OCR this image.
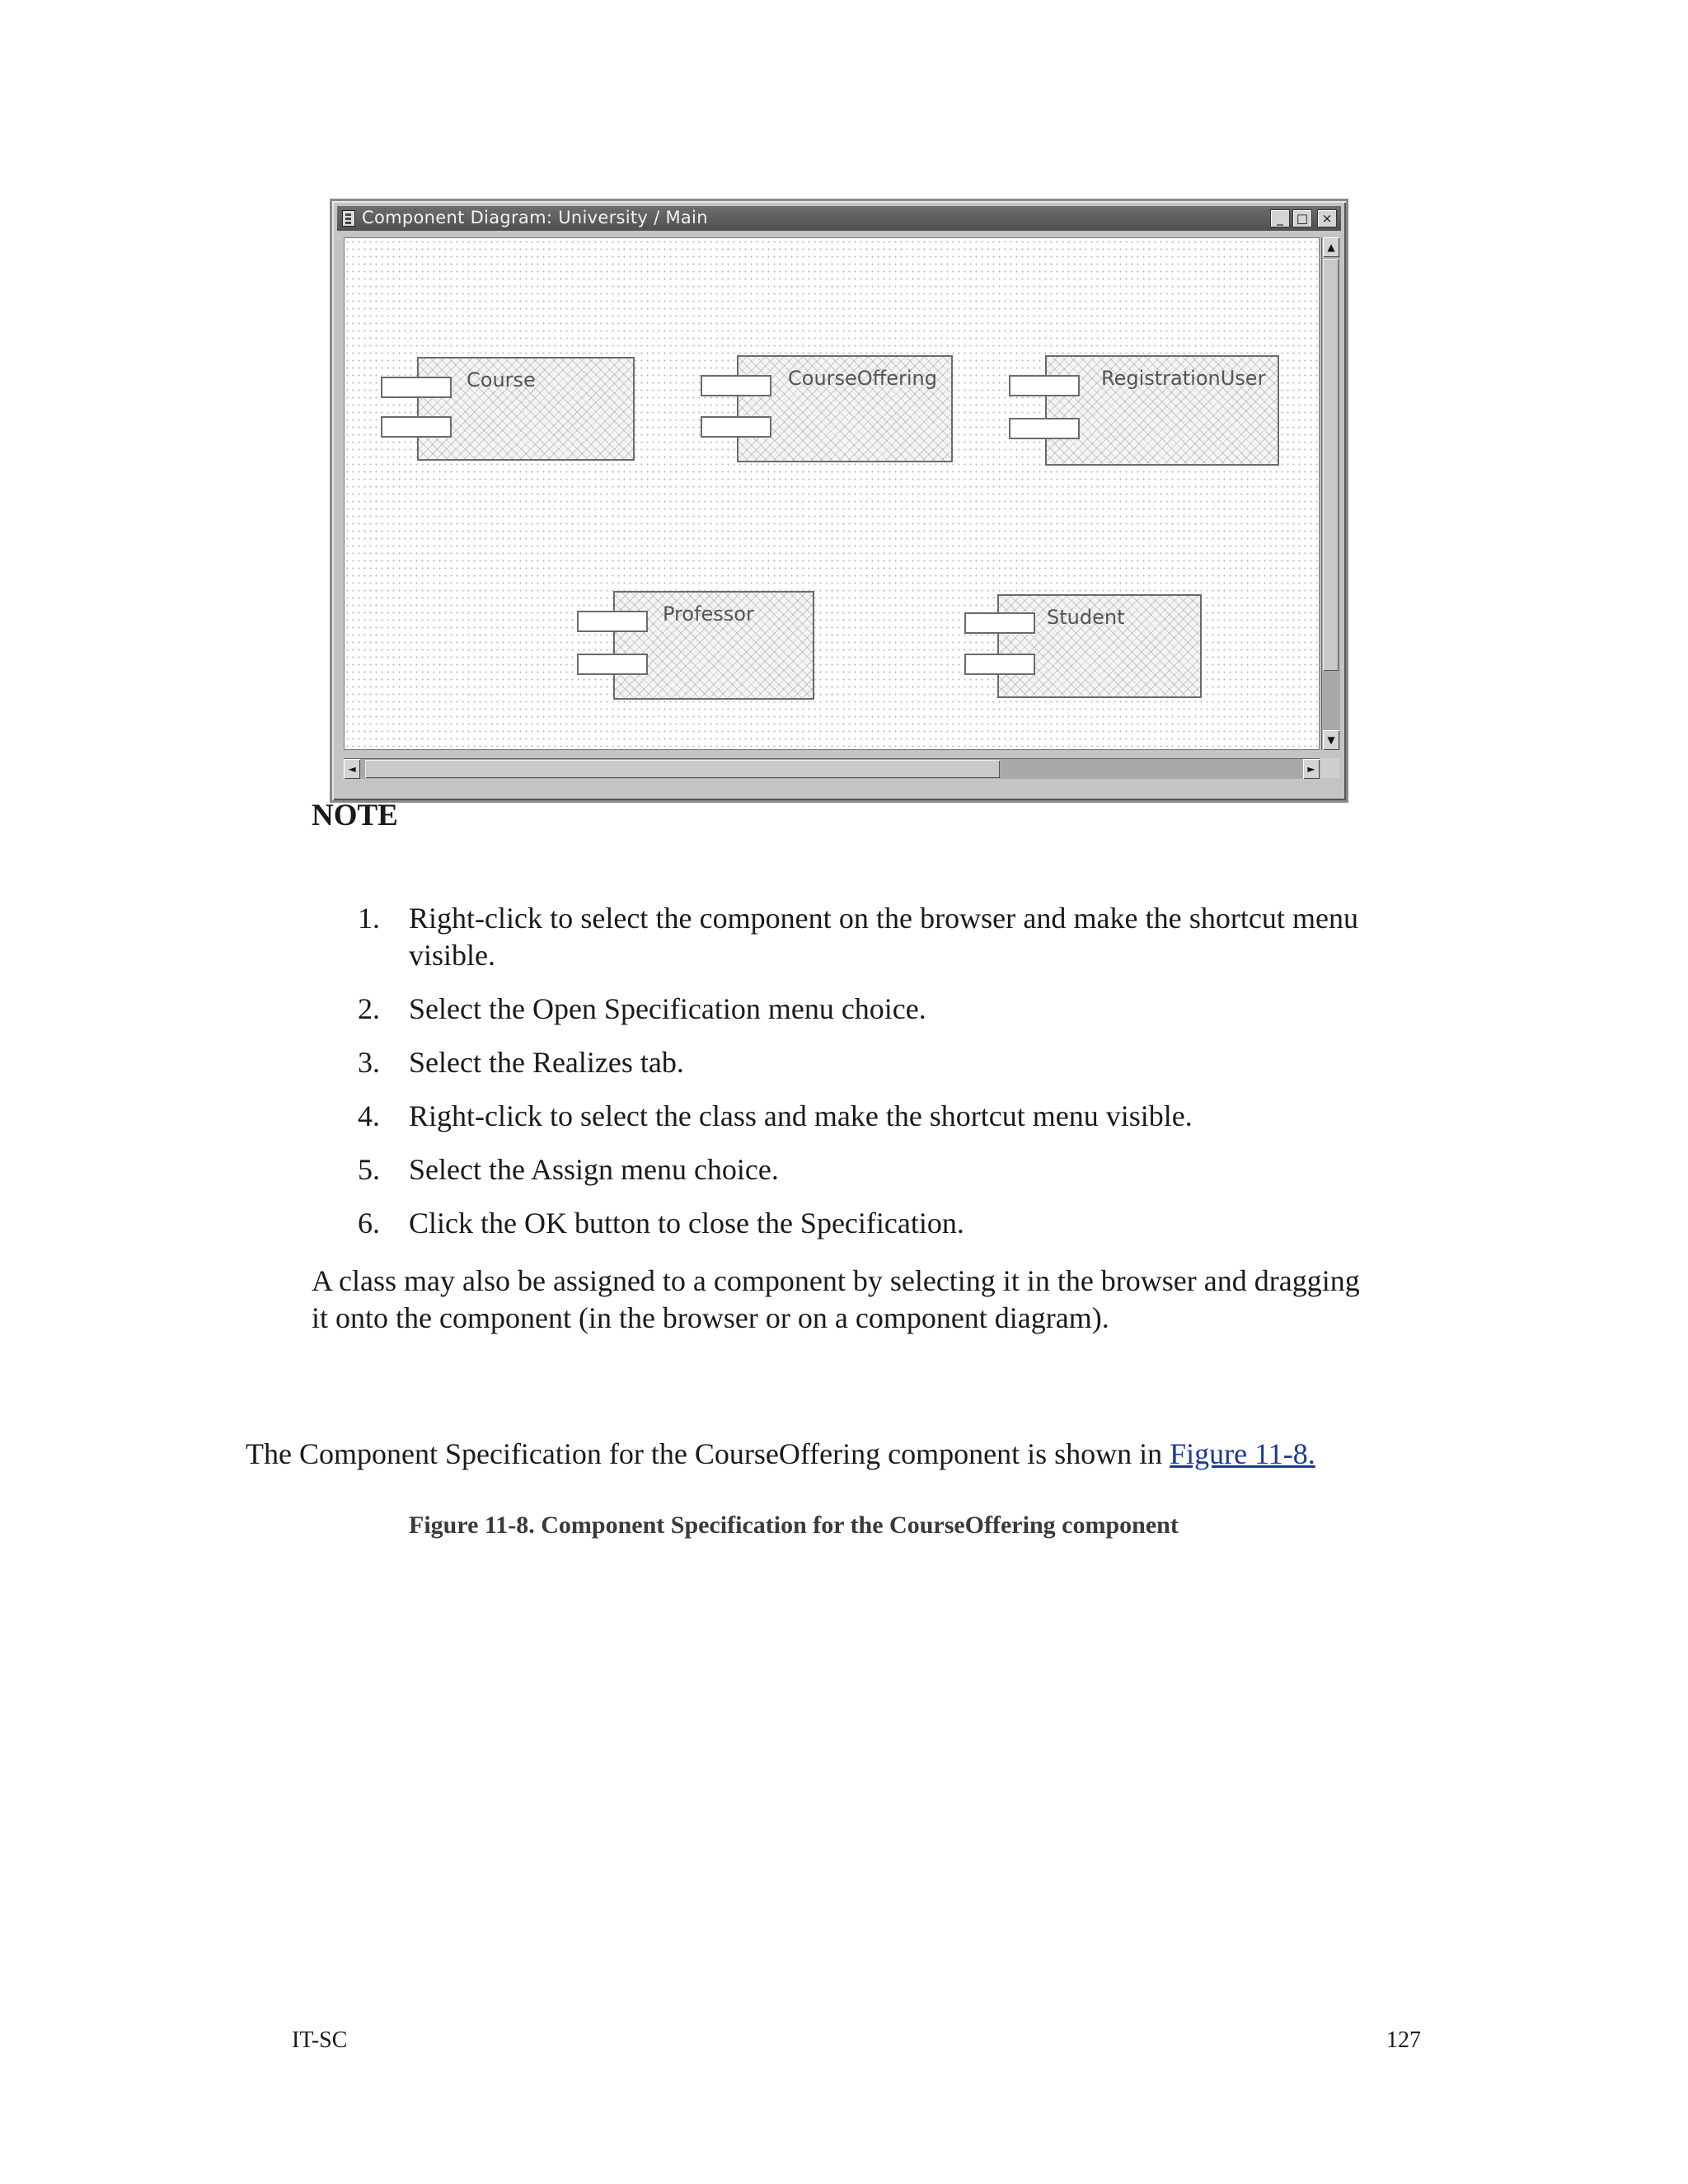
Component Diagram: University / Main	_	□	×
Course	CourseOffering	RegistrationUser
Professor	Student
▲
▼
◄	►
NOTE
1. Right-click to select the component on the browser and make the shortcut menu visible.
2. Select the Open Specification menu choice.
3. Select the Realizes tab.
4. Right-click to select the class and make the shortcut menu visible.
5. Select the Assign menu choice.
6. Click the OK button to close the Specification.
A class may also be assigned to a component by selecting it in the browser and dragging it onto the component (in the browser or on a component diagram).
The Component Specification for the CourseOffering component is shown in Figure 11-8.
Figure 11-8. Component Specification for the CourseOffering component
IT-SC	127
